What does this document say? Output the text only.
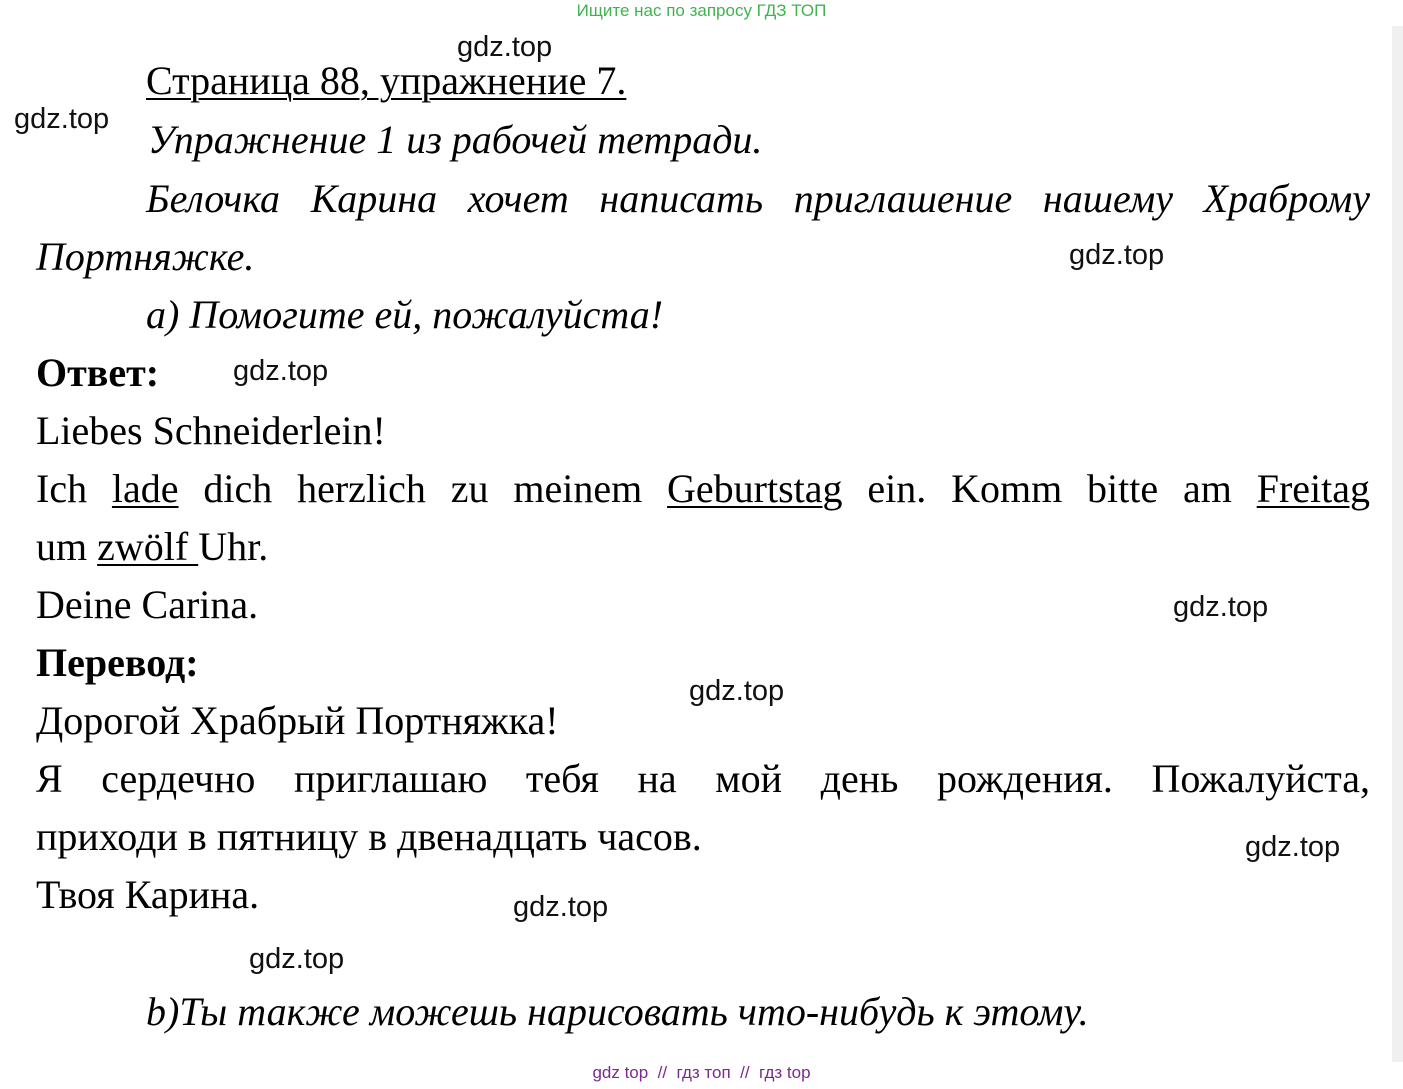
Ищите нас по запросу ГДЗ ТОП
Страница 88, упражнение 7.
Упражнение 1 из рабочей тетради.
Белочка Карина хочет написать приглашение нашему Храброму
Портняжке.
а) Помогите ей, пожалуйста!
Ответ:
Liebes Schneiderlein!
Ich lade dich herzlich zu meinem Geburtstag ein. Komm bitte am Freitag
um zwölf Uhr.
Deine Carina.
Перевод:
Дорогой Храбрый Портняжка!
Я сердечно приглашаю тебя на мой день рождения. Пожалуйста,
приходи в пятницу в двенадцать часов.
Твоя Карина.
b)Ты также можешь нарисовать что-нибудь к этому.
gdz.top
gdz.top
gdz.top
gdz.top
gdz.top
gdz.top
gdz.top
gdz.top
gdz.top
gdz top  //  гдз топ  //  гдз top
